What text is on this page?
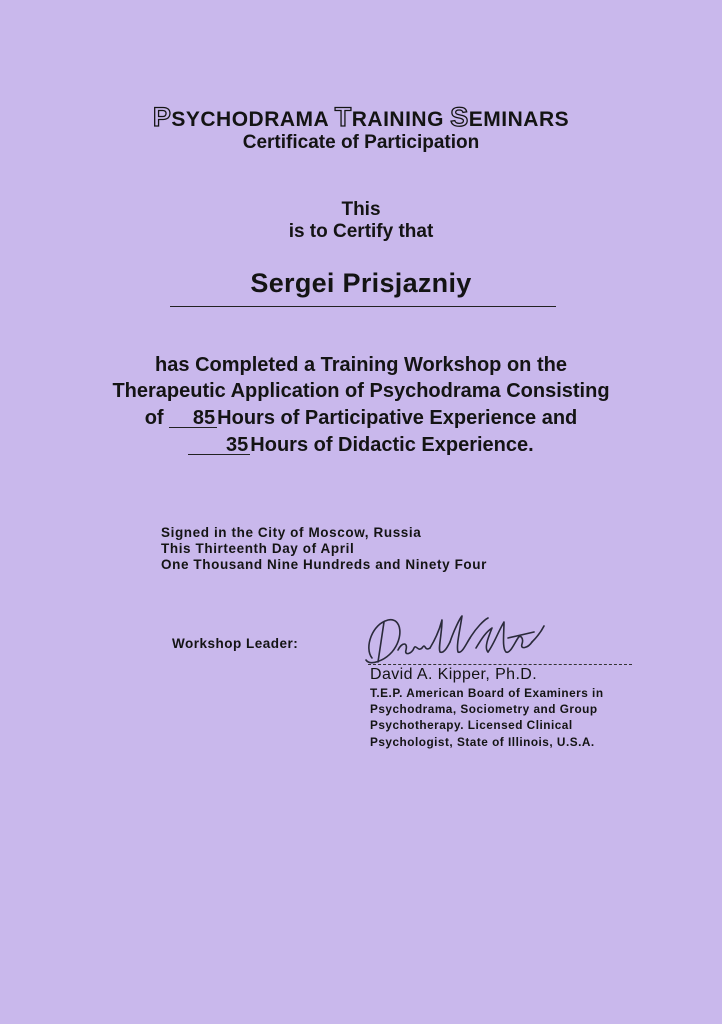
PSYCHODRAMA TRAINING SEMINARS
Certificate of Participation
This
is to Certify that
Sergei Prisjazniy
has Completed a Training Workshop on the
Therapeutic Application of Psychodrama Consisting
of 85 Hours of Participative Experience and
35 Hours of Didactic Experience.
Signed in the City of Moscow, Russia
This Thirteenth Day of April
One Thousand Nine Hundreds and Ninety Four
Workshop Leader:
David A. Kipper, Ph.D.
T.E.P. American Board of Examiners in
Psychodrama, Sociometry and Group
Psychotherapy. Licensed Clinical
Psychologist, State of Illinois, U.S.A.
